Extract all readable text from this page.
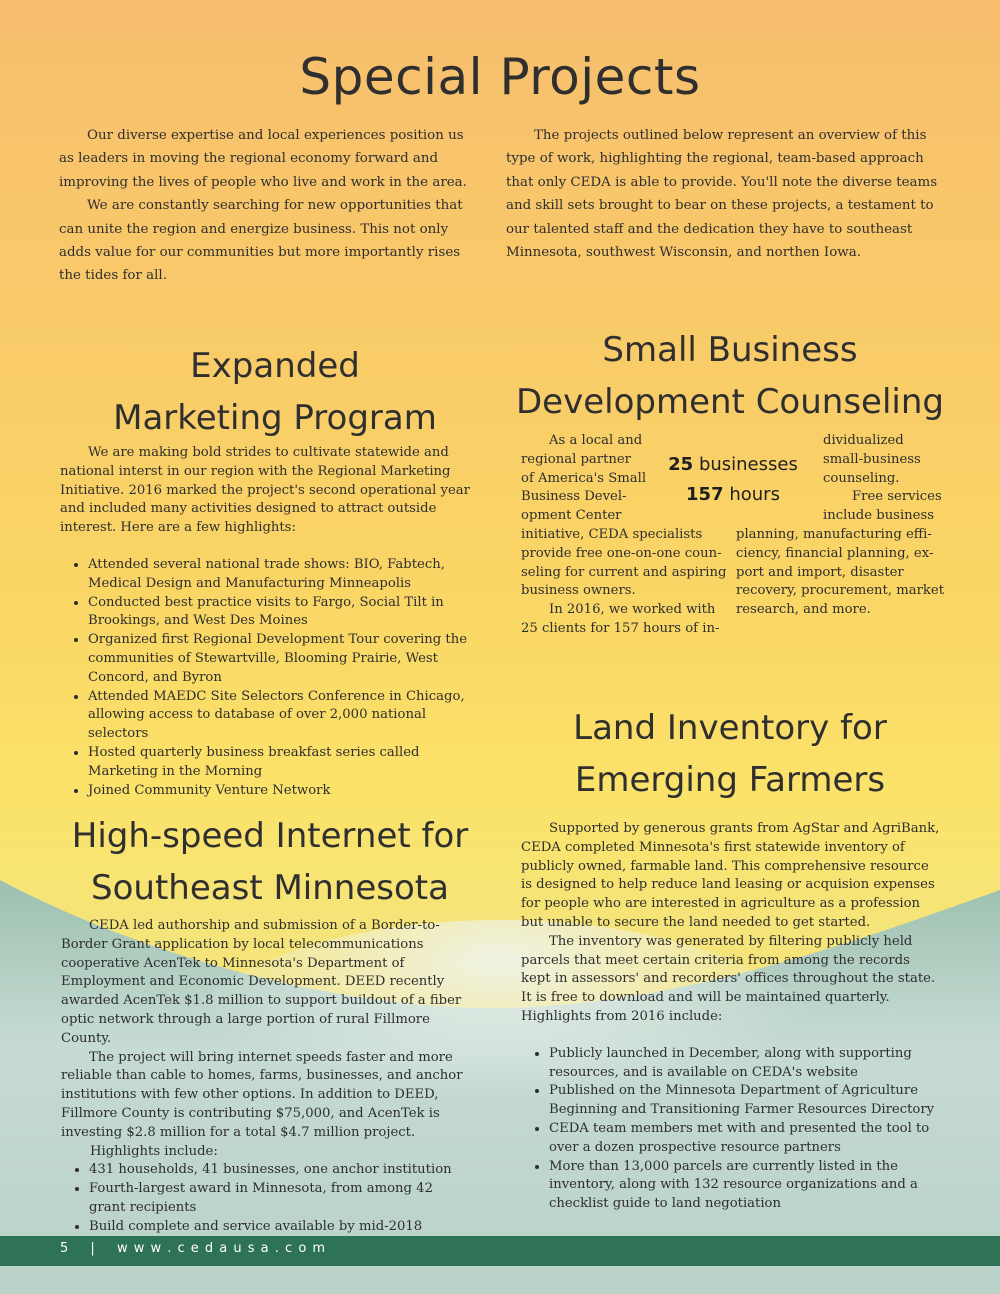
Special Projects

Our diverse expertise and local experiences position us as leaders in moving the regional economy forward and improving the lives of people who live and work in the area.

We are constantly searching for new opportunities that can unite the region and energize business. This not only adds value for our communities but more importantly rises the tides for all.

The projects outlined below represent an overview of this type of work, highlighting the regional, team-based approach that only CEDA is able to provide. You'll note the diverse teams and skill sets brought to bear on these projects, a testament to our talented staff and the dedication they have to southeast Minnesota, southwest Wisconsin, and northen Iowa.

Expanded
Marketing Program

We are making bold strides to cultivate statewide and national interst in our region with the Regional Marketing Initiative. 2016 marked the project's second operational year and included many activities designed to attract outside interest. Here are a few highlights:

• Attended several national trade shows: BIO, Fabtech, Medical Design and Manufacturing Minneapolis
• Conducted best practice visits to Fargo, Social Tilt in Brookings, and West Des Moines
• Organized first Regional Development Tour covering the communities of Stewartville, Blooming Prairie, West Concord, and Byron
• Attended MAEDC Site Selectors Conference in Chicago, allowing access to database of over 2,000 national selectors
• Hosted quarterly business breakfast series called Marketing in the Morning
• Joined Community Venture Network
Small Business
Development Counseling
As a local and
regional partner
of America's Small
Business Devel-
opment Center
initiative, CEDA specialists
provide free one-on-one coun-
seling for current and aspiring
business owners.
In 2016, we worked with
25 clients for 157 hours of in-
25 businesses
157 hours
dividualized
small-business
counseling.
Free services
include business
planning, manufacturing effi-
ciency, financial planning, ex-
port and import, disaster
recovery, procurement, market
research, and more.
Land Inventory for
Emerging Farmers

Supported by generous grants from AgStar and AgriBank, CEDA completed Minnesota's first statewide inventory of publicly owned, farmable land. This comprehensive resource is designed to help reduce land leasing or acquision expenses for people who are interested in agriculture as a profession but unable to secure the land needed to get started.

The inventory was generated by filtering publicly held parcels that meet certain criteria from among the records kept in assessors' and recorders' offices throughout the state. It is free to download and will be maintained quarterly. Highlights from 2016 include:

• Publicly launched in December, along with supporting resources, and is available on CEDA's website
• Published on the Minnesota Department of Agriculture Beginning and Transitioning Farmer Resources Directory
• CEDA team members met with and presented the tool to over a dozen prospective resource partners
• More than 13,000 parcels are currently listed in the inventory, along with 132 resource organizations and a checklist guide to land negotiation
High-speed Internet for
Southeast Minnesota

CEDA led authorship and submission of a Border-to-Border Grant application by local telecommunications cooperative AcenTek to Minnesota's Department of Employment and Economic Development. DEED recently awarded AcenTek $1.8 million to support buildout of a fiber optic network through a large portion of rural Fillmore County.

The project will bring internet speeds faster and more reliable than cable to homes, farms, businesses, and anchor institutions with few other options. In addition to DEED, Fillmore County is contributing $75,000, and AcenTek is investing $2.8 million for a total $4.7 million project.

Highlights include:
• 431 households, 41 businesses, one anchor institution
• Fourth-largest award in Minnesota, from among 42 grant recipients
• Build complete and service available by mid-2018
5 | w w w . c e d a u s a . c o m
